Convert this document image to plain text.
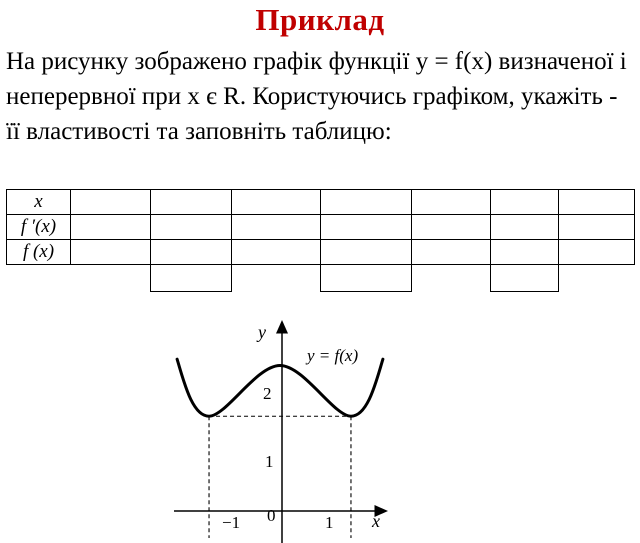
Приклад
На рисунку зображено графік функції y = f(x) визначеної і неперервної при x є R. Користуючись графіком, укажіть - її властивості та заповніть таблицю:
x							
f ′(x)							
f (x)							

y
x
y = f(x)
2
1
−1 0	1
